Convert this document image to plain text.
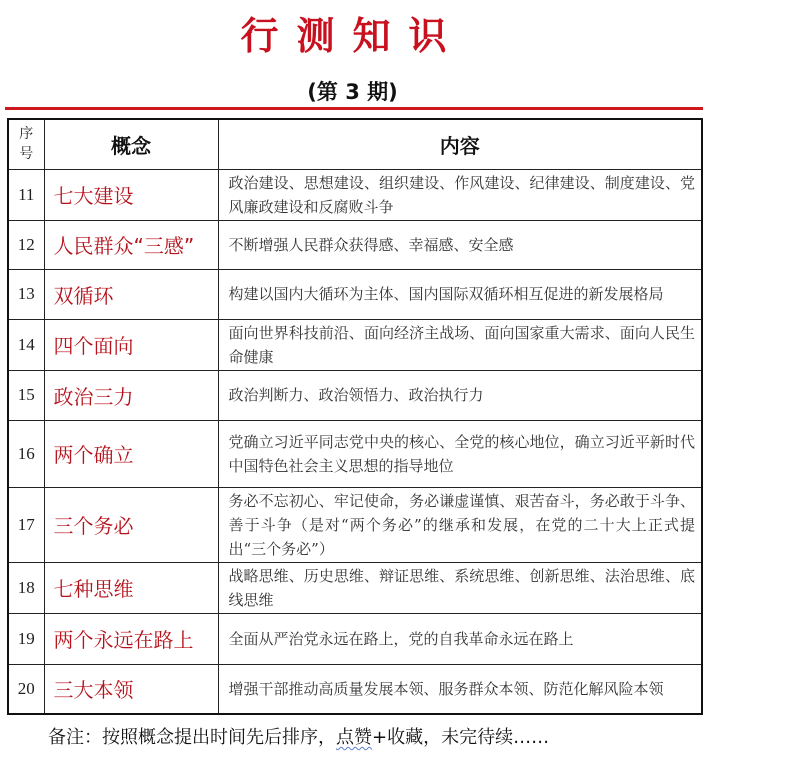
行测知识
(第 3 期)
序号	概念	内容
11	七大建设	政治建设、思想建设、组织建设、作风建设、纪律建设、制度建设、党风廉政建设和反腐败斗争
12	人民群众“三感”	不断增强人民群众获得感、幸福感、安全感
13	双循环	构建以国内大循环为主体、国内国际双循环相互促进的新发展格局
14	四个面向	面向世界科技前沿、面向经济主战场、面向国家重大需求、面向人民生命健康
15	政治三力	政治判断力、政治领悟力、政治执行力
16	两个确立	党确立习近平同志党中央的核心、全党的核心地位，确立习近平新时代中国特色社会主义思想的指导地位
17	三个务必	务必不忘初心、牢记使命，务必谦虚谨慎、艰苦奋斗，务必敢于斗争、善于斗争（是对“两个务必”的继承和发展，在党的二十大上正式提出“三个务必”）
18	七种思维	战略思维、历史思维、辩证思维、系统思维、创新思维、法治思维、底线思维
19	两个永远在路上	全面从严治党永远在路上，党的自我革命永远在路上
20	三大本领	增强干部推动高质量发展本领、服务群众本领、防范化解风险本领
备注：按照概念提出时间先后排序，点赞+收藏，未完待续……
